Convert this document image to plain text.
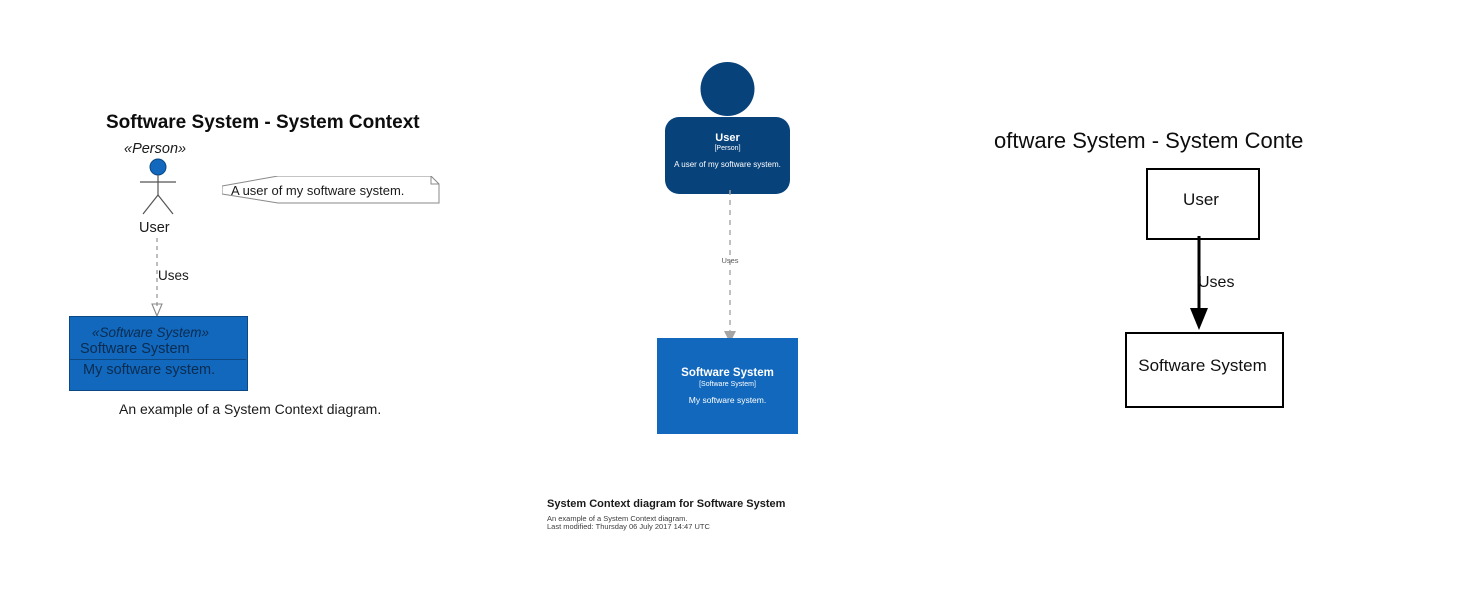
Software System - System Context
«Person»
User
A user of my software system.
Uses
«Software System»
Software System
My software system.
An example of a System Context diagram.
User
[Person]
A user of my software system.
Uses
Software System
[Software System]
My software system.
System Context diagram for Software System
An example of a System Context diagram.
Last modified: Thursday 06 July 2017 14:47 UTC
oftware System - System Conte
User
Uses
Software System
